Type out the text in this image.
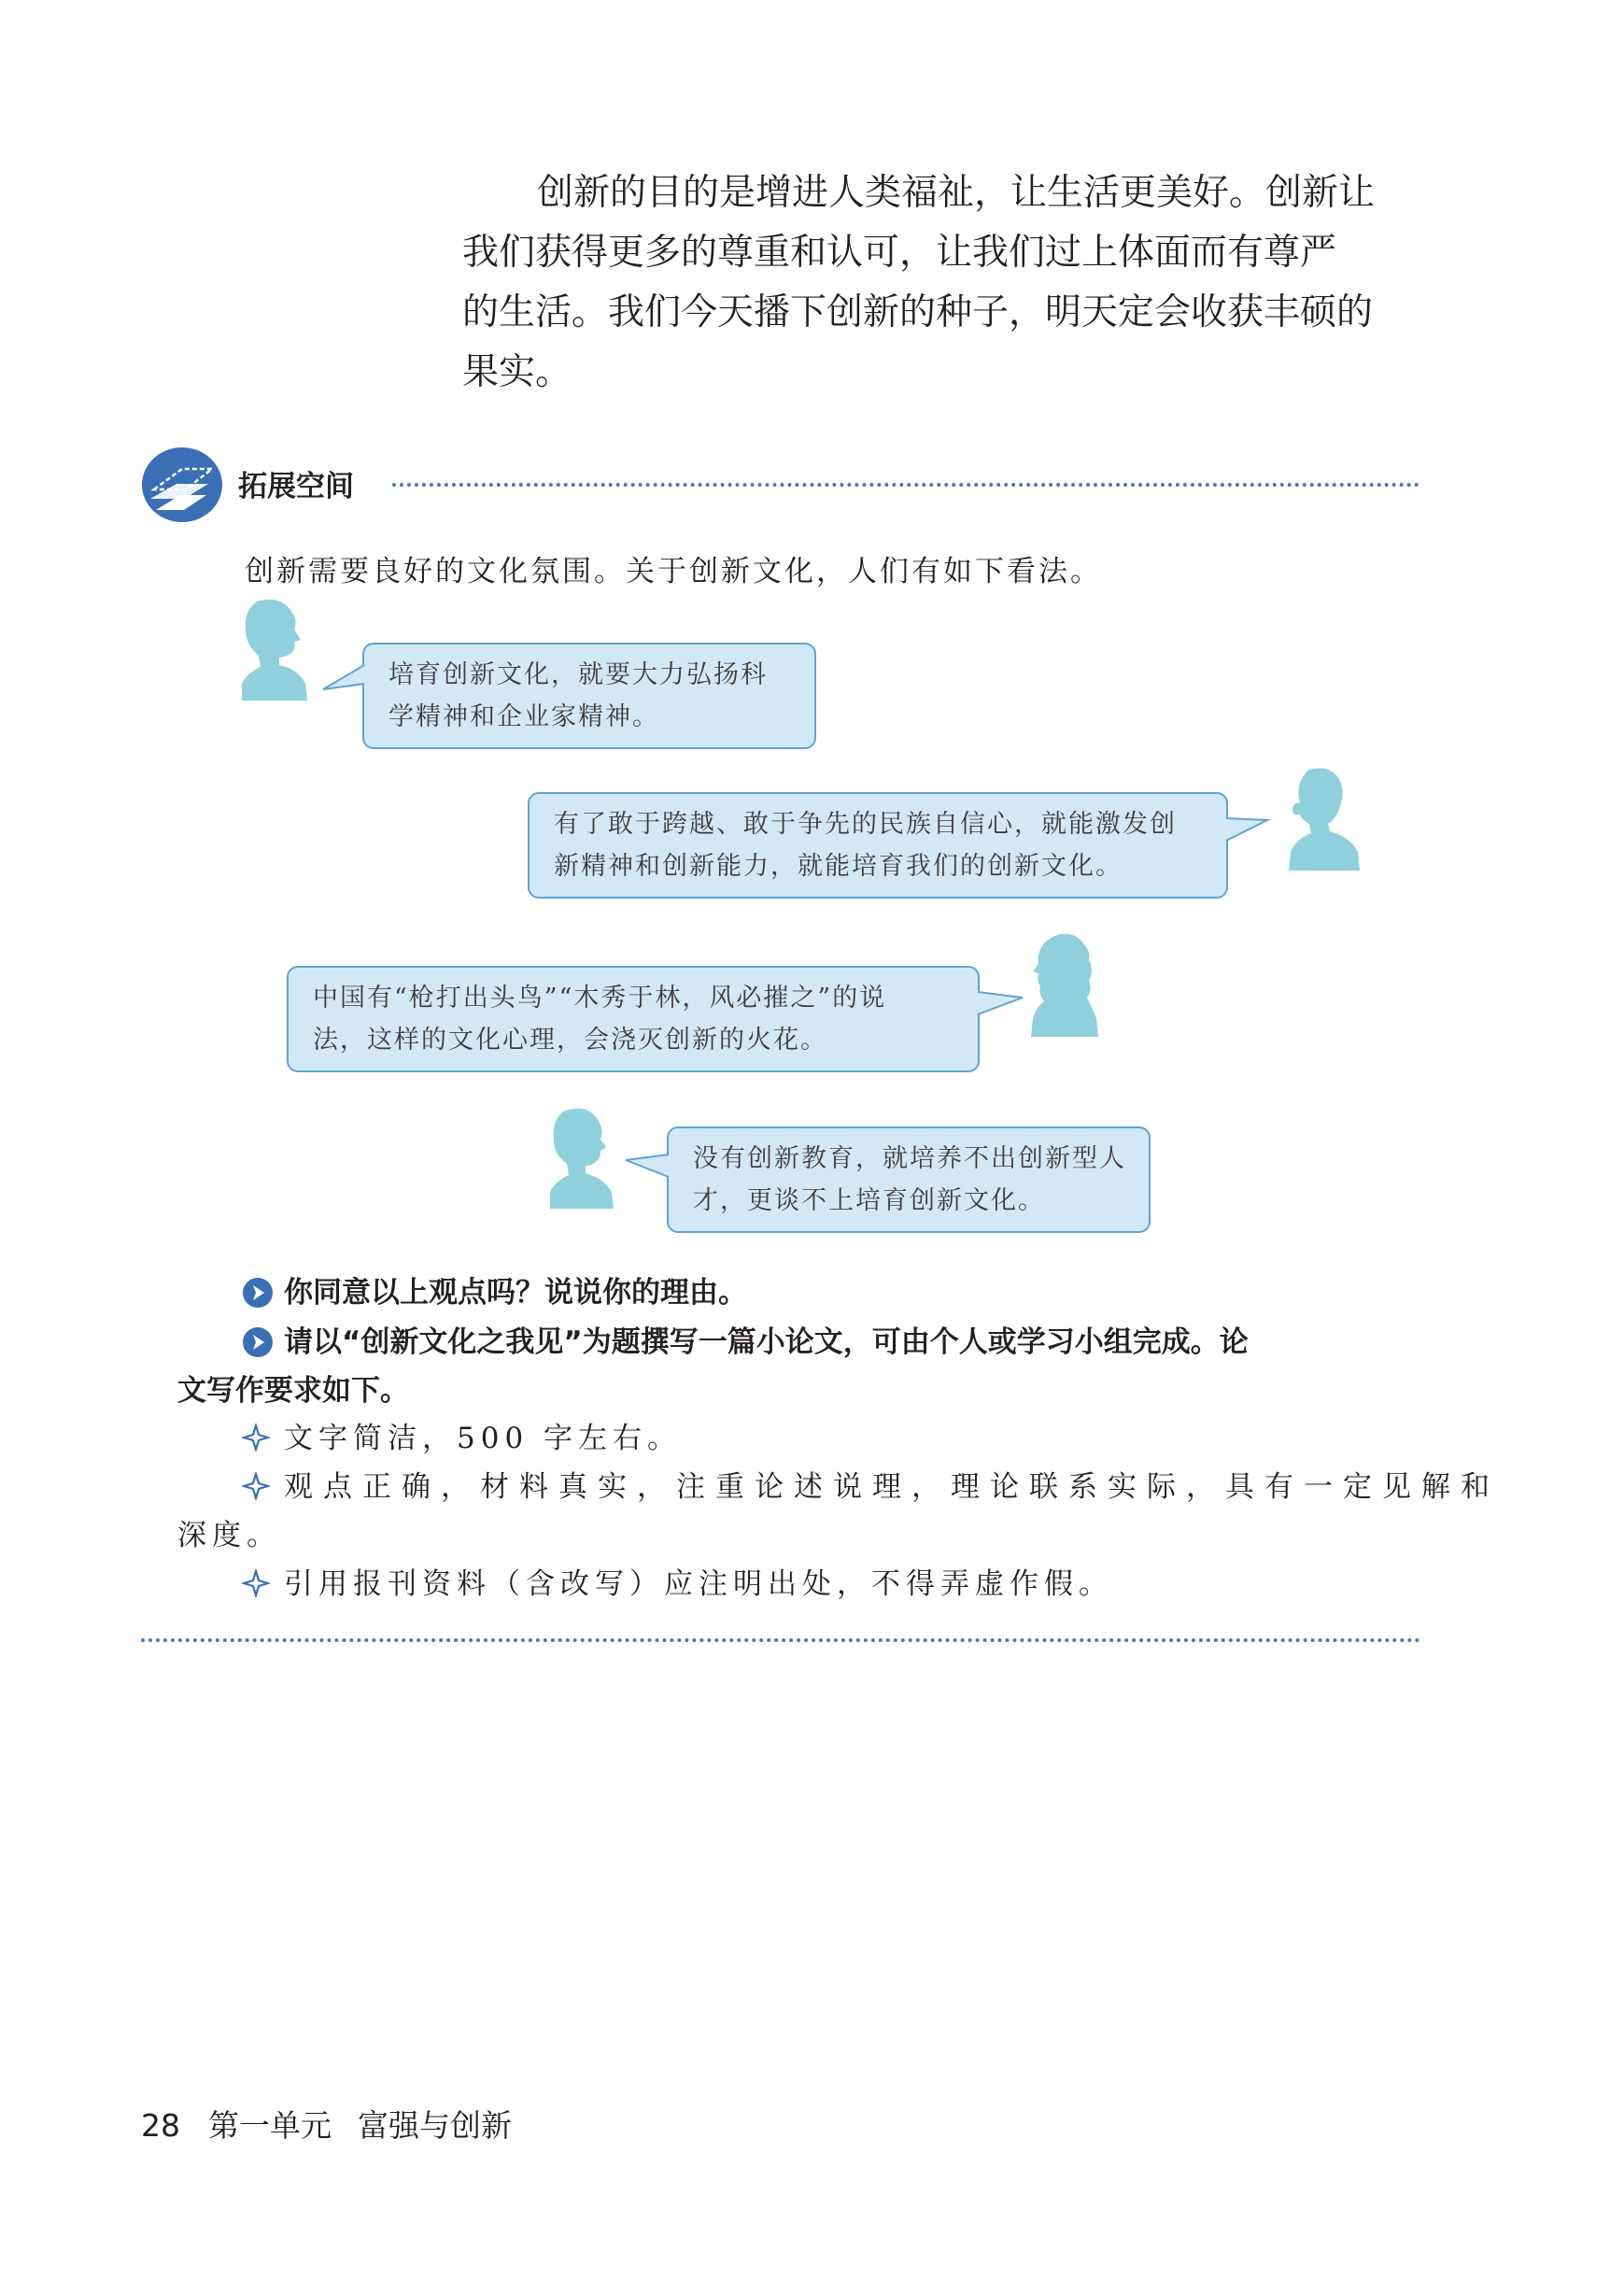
创新的目的是增进人类福祉，让生活更美好。创新让
我们获得更多的尊重和认可，让我们过上体面而有尊严
的生活。我们今天播下创新的种子，明天定会收获丰硕的
果实。
拓展空间
创新需要良好的文化氛围。关于创新文化，人们有如下看法。
培育创新文化，就要大力弘扬科
学精神和企业家精神。
有了敢于跨越、敢于争先的民族自信心，就能激发创
新精神和创新能力，就能培育我们的创新文化。
中国有“枪打出头鸟”“木秀于林，风必摧之”的说
法，这样的文化心理，会浇灭创新的火花。
没有创新教育，就培养不出创新型人
才，更谈不上培育创新文化。
你同意以上观点吗？说说你的理由。
请以“创新文化之我见”为题撰写一篇小论文，可由个人或学习小组完成。论
文写作要求如下。
文字简洁，500 字左右。
观点正确，材料真实，注重论述说理，理论联系实际，具有一定见解和
深度。
引用报刊资料（含改写）应注明出处，不得弄虚作假。
28 第一单元 富强与创新
